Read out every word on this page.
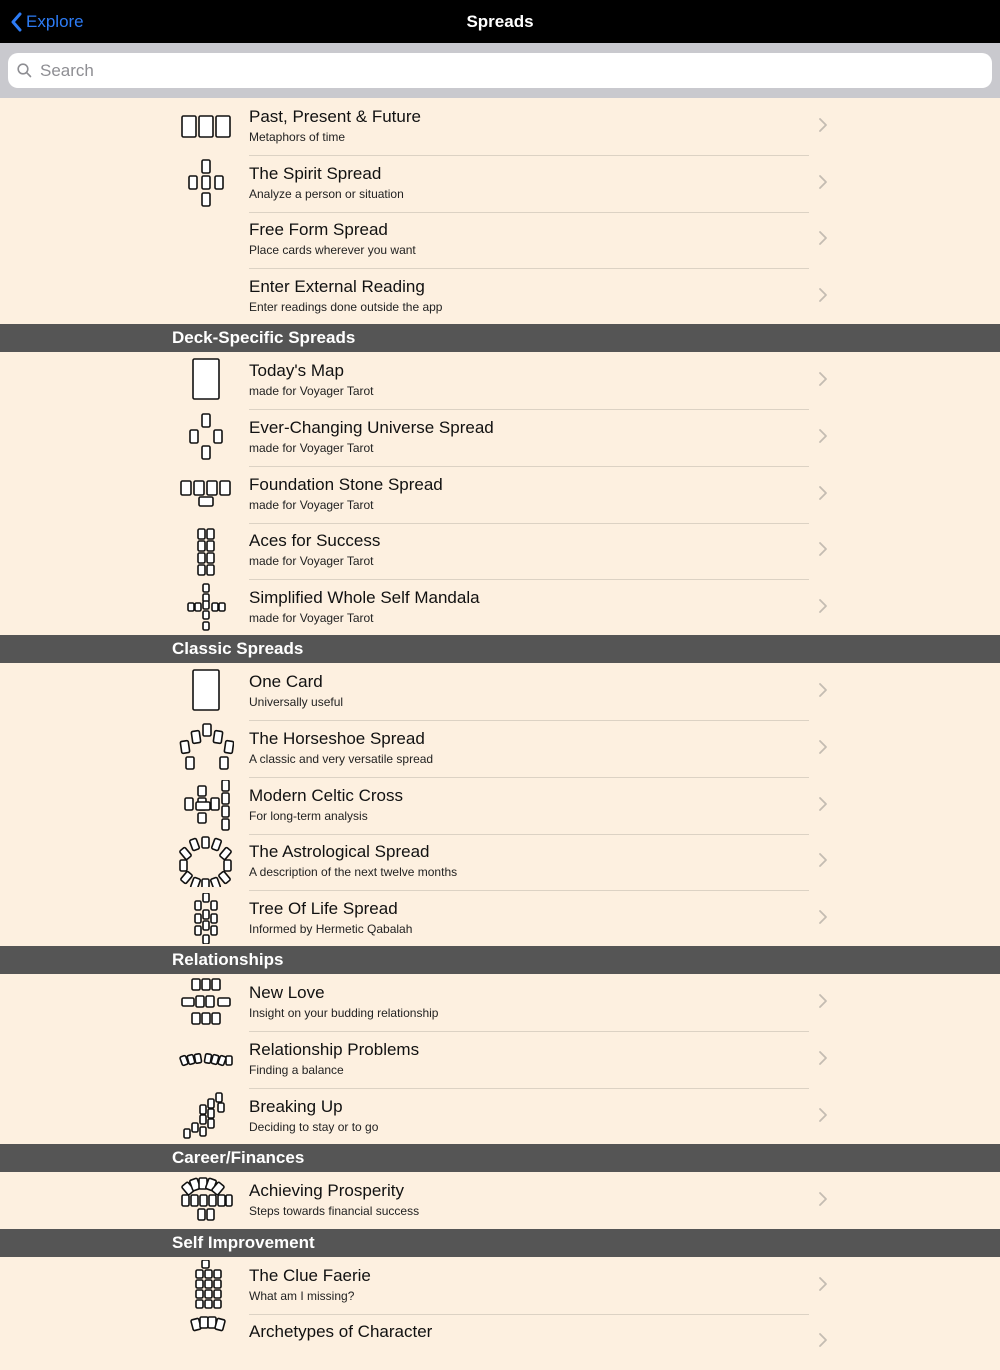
Explore	Spreads
Search
Past, Present & Future
Metaphors of time
The Spirit Spread
Analyze a person or situation
Free Form Spread
Place cards wherever you want
Enter External Reading
Enter readings done outside the app
Deck-Specific Spreads
Today's Map
made for Voyager Tarot
Ever-Changing Universe Spread
made for Voyager Tarot
Foundation Stone Spread
made for Voyager Tarot
Aces for Success
made for Voyager Tarot
Simplified Whole Self Mandala
made for Voyager Tarot
Classic Spreads
One Card
Universally useful
The Horseshoe Spread
A classic and very versatile spread
Modern Celtic Cross
For long-term analysis
The Astrological Spread
A description of the next twelve months
Tree Of Life Spread
Informed by Hermetic Qabalah
Relationships
New Love
Insight on your budding relationship
Relationship Problems
Finding a balance
Breaking Up
Deciding to stay or to go
Career/Finances
Achieving Prosperity
Steps towards financial success
Self Improvement
The Clue Faerie
What am I missing?
Archetypes of Character
